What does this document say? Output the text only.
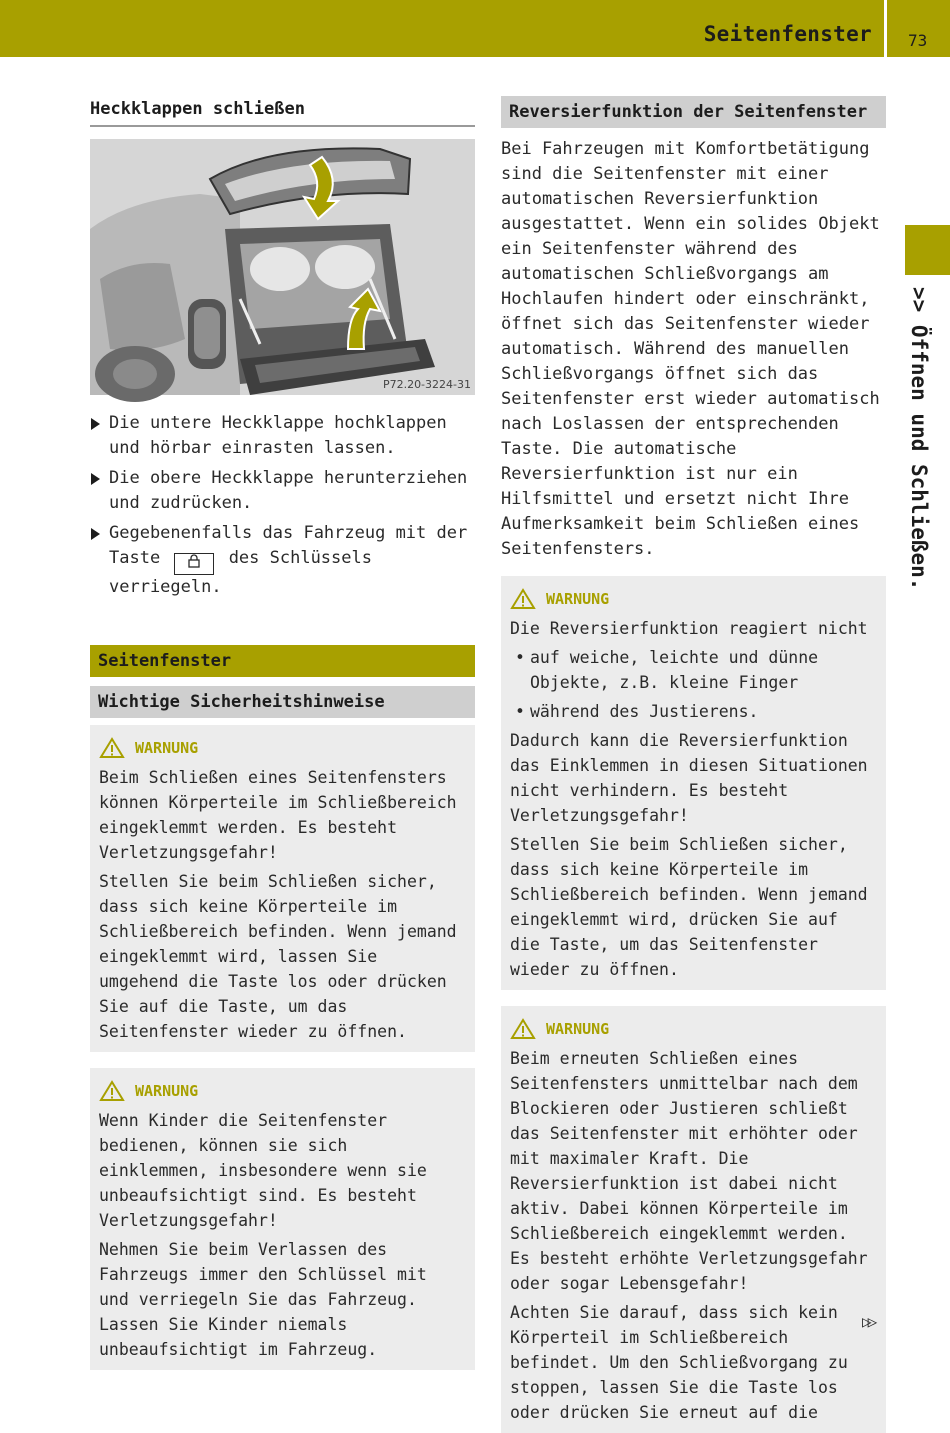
Seitenfenster 73
>> Öffnen und Schließen.
Heckklappen schließen
P72.20-3224-31
Die untere Heckklappe hochklappen und hörbar einrasten lassen.
Die obere Heckklappe herunterziehen und zudrücken.
Gegebenenfalls das Fahrzeug mit der Taste	des Schlüssels verriegeln.
Seitenfenster
Wichtige Sicherheitshinweise
WARNUNG
Beim Schließen eines Seitenfensters können Körperteile im Schließbereich eingeklemmt werden. Es besteht Verletzungsgefahr!
Stellen Sie beim Schließen sicher, dass sich keine Körperteile im Schließbereich befinden. Wenn jemand eingeklemmt wird, lassen Sie umgehend die Taste los oder drücken Sie auf die Taste, um das Seitenfenster wieder zu öffnen.
WARNUNG
Wenn Kinder die Seitenfenster bedienen, können sie sich einklemmen, insbesondere wenn sie unbeaufsichtigt sind. Es besteht Verletzungsgefahr!
Nehmen Sie beim Verlassen des Fahrzeugs immer den Schlüssel mit und verriegeln Sie das Fahrzeug. Lassen Sie Kinder niemals unbeaufsichtigt im Fahrzeug.
Reversierfunktion der Seitenfenster
Bei Fahrzeugen mit Komfortbetätigung sind die Seitenfenster mit einer automatischen Reversierfunktion ausgestattet. Wenn ein solides Objekt ein Seitenfenster während des automatischen Schließvorgangs am Hochlaufen hindert oder einschränkt, öffnet sich das Seitenfenster wieder automatisch. Während des manuellen Schließvorgangs öffnet sich das Seitenfenster erst wieder automatisch nach Loslassen der entsprechenden Taste. Die automatische Reversierfunktion ist nur ein Hilfsmittel und ersetzt nicht Ihre Aufmerksamkeit beim Schließen eines Seitenfensters.
WARNUNG
Die Reversierfunktion reagiert nicht
• auf weiche, leichte und dünne Objekte, z.B. kleine Finger
• während des Justierens.
Dadurch kann die Reversierfunktion das Einklemmen in diesen Situationen nicht verhindern. Es besteht Verletzungsgefahr!
Stellen Sie beim Schließen sicher, dass sich keine Körperteile im Schließbereich befinden. Wenn jemand eingeklemmt wird, drücken Sie auf die Taste, um das Seitenfenster wieder zu öffnen.
WARNUNG
Beim erneuten Schließen eines Seitenfensters unmittelbar nach dem Blockieren oder Justieren schließt das Seitenfenster mit erhöhter oder mit maximaler Kraft. Die Reversierfunktion ist dabei nicht aktiv. Dabei können Körperteile im Schließbereich eingeklemmt werden. Es besteht erhöhte Verletzungsgefahr oder sogar Lebensgefahr!
Achten Sie darauf, dass sich kein Körperteil im Schließbereich befindet. Um den Schließvorgang zu stoppen, lassen Sie die Taste los oder drücken Sie erneut auf die
▷▷
